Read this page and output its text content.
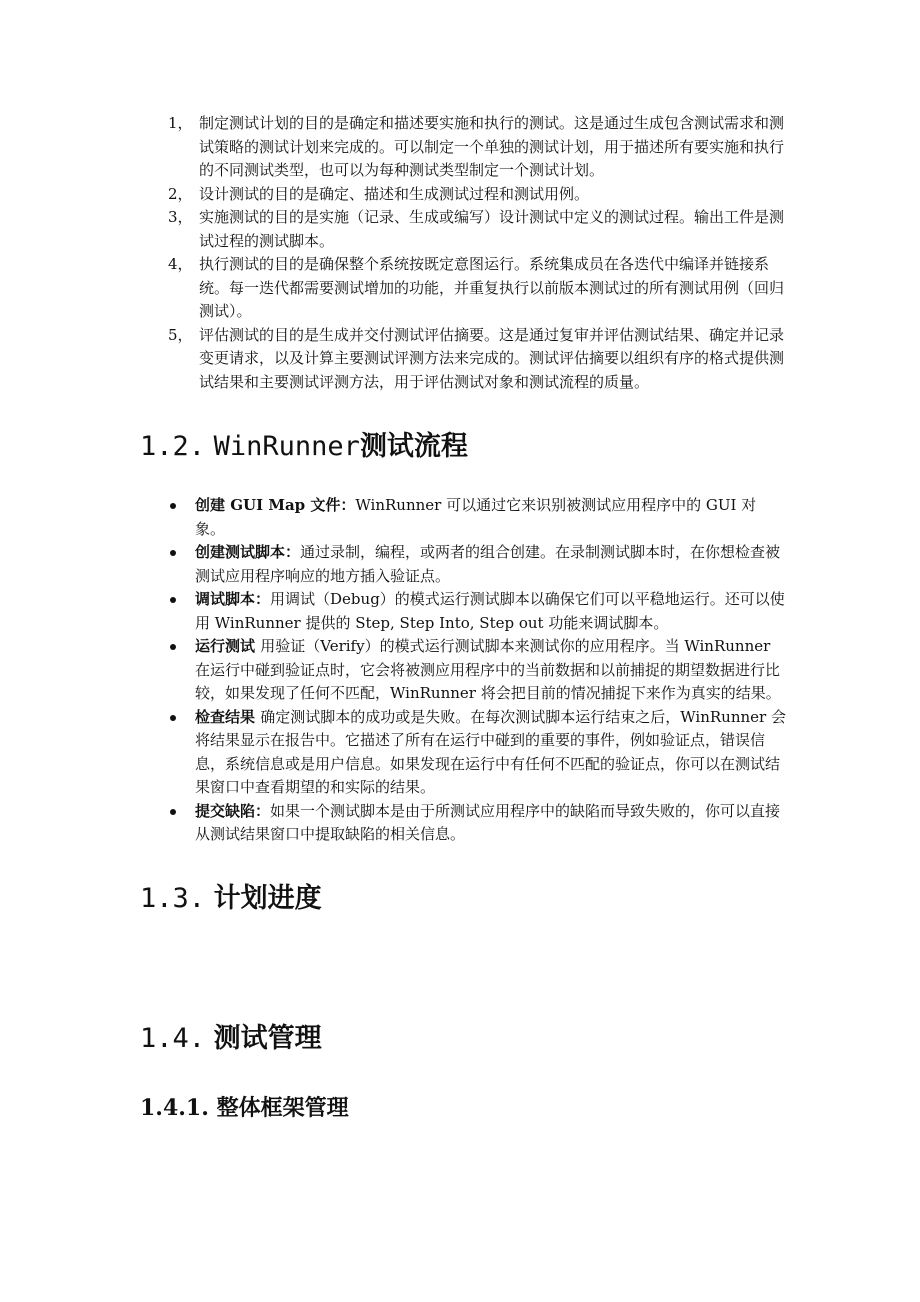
1， 制定测试计划的目的是确定和描述要实施和执行的测试。这是通过生成包含测试需求和测试策略的测试计划来完成的。可以制定一个单独的测试计划，用于描述所有要实施和执行的不同测试类型，也可以为每种测试类型制定一个测试计划。
2， 设计测试的目的是确定、描述和生成测试过程和测试用例。
3， 实施测试的目的是实施（记录、生成或编写）设计测试中定义的测试过程。输出工件是测试过程的测试脚本。
4， 执行测试的目的是确保整个系统按既定意图运行。系统集成员在各迭代中编译并链接系统。每一迭代都需要测试增加的功能，并重复执行以前版本测试过的所有测试用例（回归测试）。
5， 评估测试的目的是生成并交付测试评估摘要。这是通过复审并评估测试结果、确定并记录变更请求，以及计算主要测试评测方法来完成的。测试评估摘要以组织有序的格式提供测试结果和主要测试评测方法，用于评估测试对象和测试流程的质量。
1.2. WinRunner测试流程
创建 GUI Map 文件：WinRunner 可以通过它来识别被测试应用程序中的 GUI 对象。
创建测试脚本：通过录制，编程，或两者的组合创建。在录制测试脚本时，在你想检查被测试应用程序响应的地方插入验证点。
调试脚本：用调试（Debug）的模式运行测试脚本以确保它们可以平稳地运行。还可以使用 WinRunner 提供的 Step, Step Into, Step out 功能来调试脚本。
运行测试 用验证（Verify）的模式运行测试脚本来测试你的应用程序。当 WinRunner 在运行中碰到验证点时，它会将被测应用程序中的当前数据和以前捕捉的期望数据进行比较，如果发现了任何不匹配，WinRunner 将会把目前的情况捕捉下来作为真实的结果。
检查结果 确定测试脚本的成功或是失败。在每次测试脚本运行结束之后，WinRunner 会将结果显示在报告中。它描述了所有在运行中碰到的重要的事件，例如验证点，错误信息，系统信息或是用户信息。如果发现在运行中有任何不匹配的验证点，你可以在测试结果窗口中查看期望的和实际的结果。
提交缺陷：如果一个测试脚本是由于所测试应用程序中的缺陷而导致失败的，你可以直接从测试结果窗口中提取缺陷的相关信息。
1.3. 计划进度
1.4. 测试管理
1.4.1. 整体框架管理
